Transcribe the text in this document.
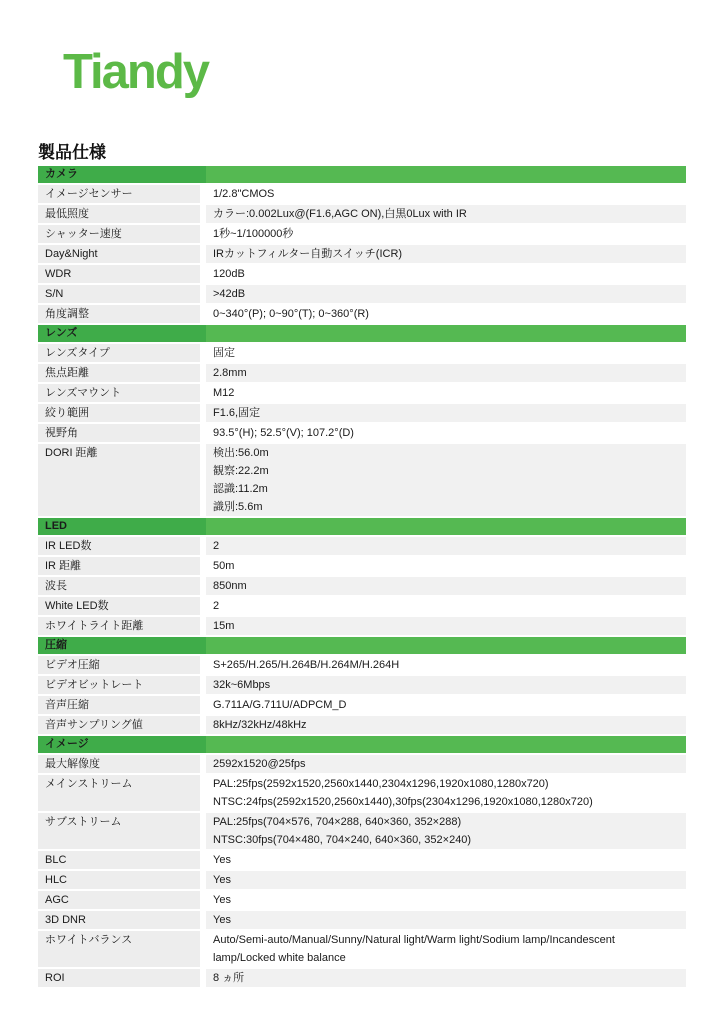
Tiandy
製品仕様
カメラ
イメージセンサー	1/2.8"CMOS
最低照度	カラー:0.002Lux@(F1.6,AGC ON),白黒0Lux with IR
シャッター速度	1秒~1/100000秒
Day&Night	IRカットフィルター自動スイッチ(ICR)
WDR	120dB
S/N	>42dB
角度調整	0~340°(P); 0~90°(T); 0~360°(R)
レンズ
レンズタイプ	固定
焦点距離	2.8mm
レンズマウント	M12
絞り範囲	F1.6,固定
視野角	93.5°(H); 52.5°(V); 107.2°(D)
DORI 距離	検出:56.0m
観察:22.2m
認識:11.2m
識別:5.6m
LED
IR LED数	2
IR 距離	50m
波長	850nm
White LED数	2
ホワイトライト距離	15m
圧縮
ビデオ圧縮	S+265/H.265/H.264B/H.264M/H.264H
ビデオビットレート	32k~6Mbps
音声圧縮	G.711A/G.711U/ADPCM_D
音声サンプリング値	8kHz/32kHz/48kHz
イメージ
最大解像度	2592x1520@25fps
メインストリーム	PAL:25fps(2592x1520,2560x1440,2304x1296,1920x1080,1280x720)
NTSC:24fps(2592x1520,2560x1440),30fps(2304x1296,1920x1080,1280x720)
サブストリーム	PAL:25fps(704×576, 704×288, 640×360, 352×288)
NTSC:30fps(704×480, 704×240, 640×360, 352×240)
BLC	Yes
HLC	Yes
AGC	Yes
3D DNR	Yes
ホワイトバランス	Auto/Semi-auto/Manual/Sunny/Natural light/Warm light/Sodium lamp/Incandescent
lamp/Locked white balance
ROI	8 ヵ所
